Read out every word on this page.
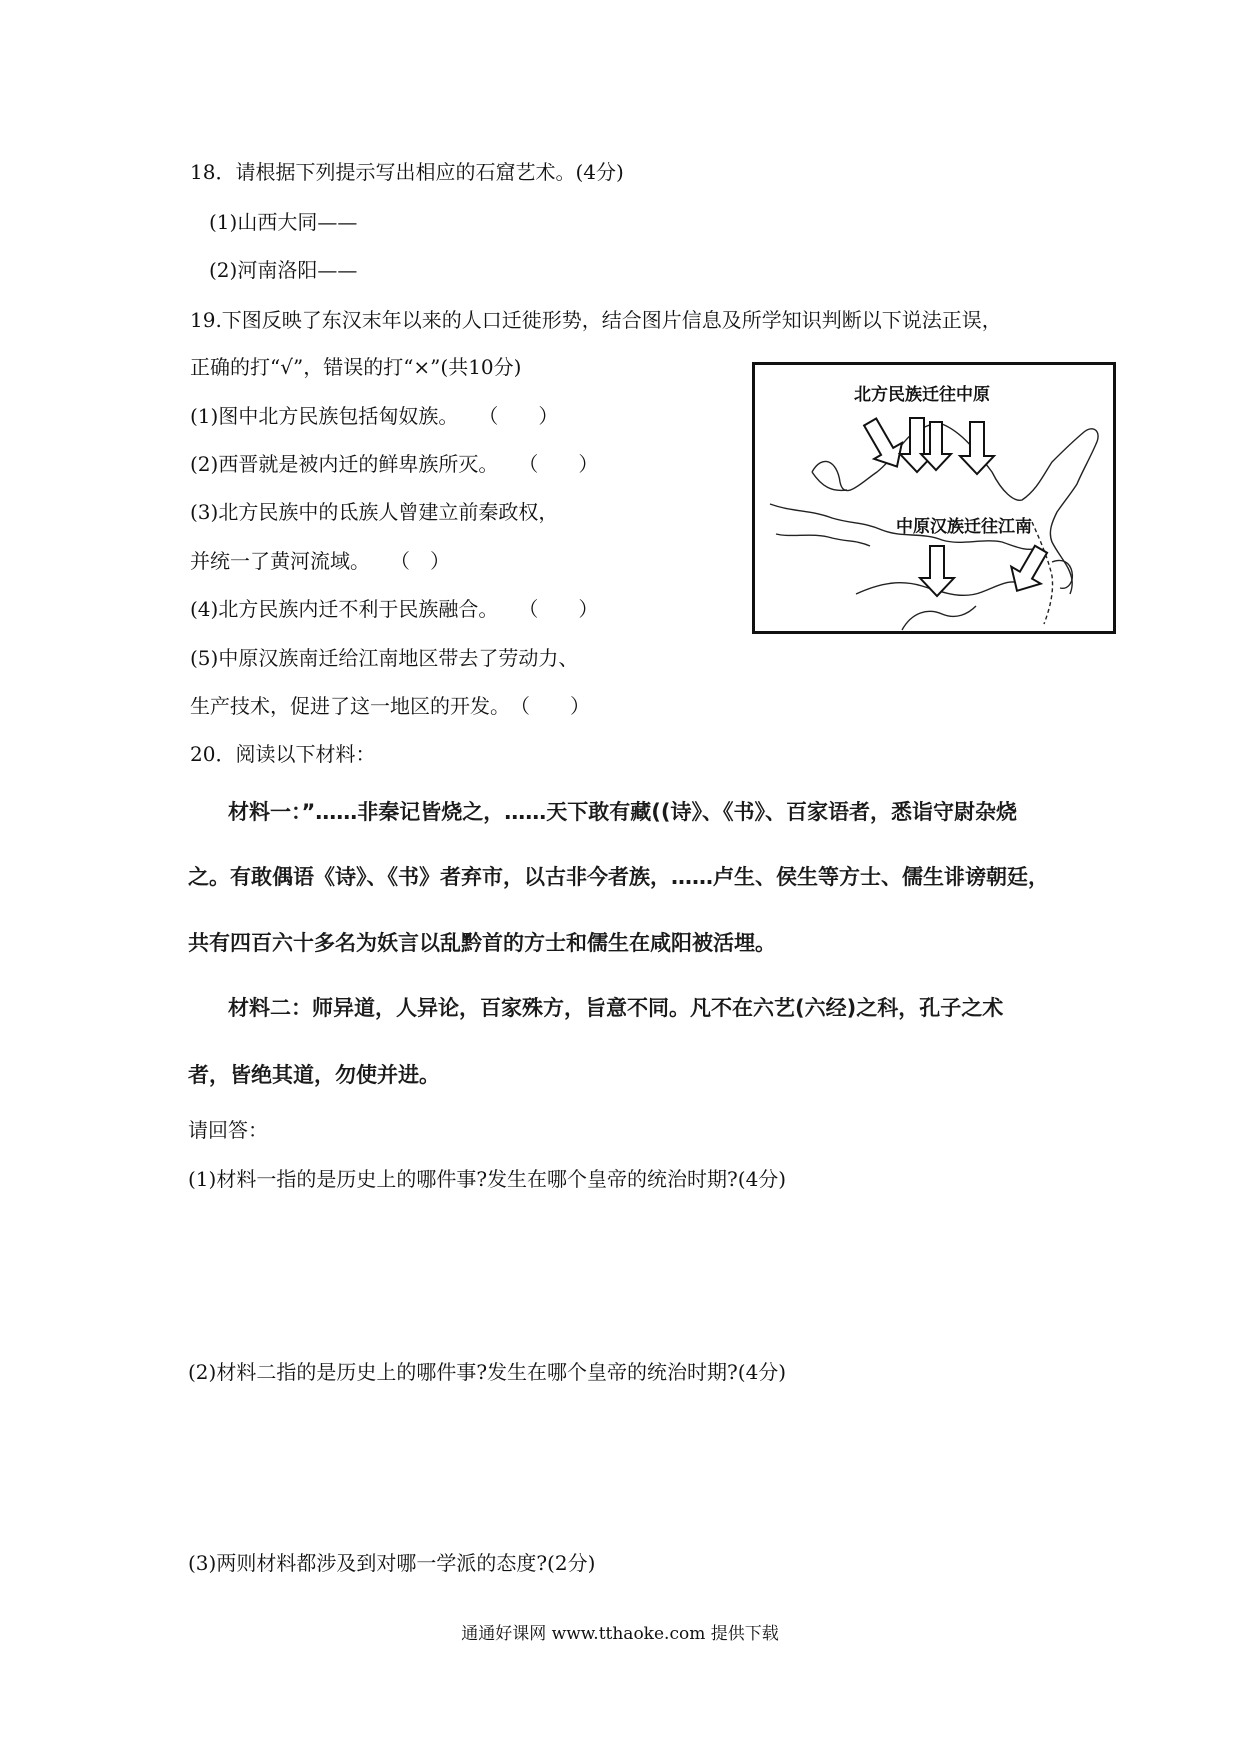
18．请根据下列提示写出相应的石窟艺术。(4分)
(1)山西大同——
(2)河南洛阳——
19.下图反映了东汉末年以来的人口迁徙形势，结合图片信息及所学知识判断以下说法正误，
正确的打“√”，错误的打“×”(共10分)
(1)图中北方民族包括匈奴族。　　（　　）
(2)西晋就是被内迁的鲜卑族所灭。　　（　　）
(3)北方民族中的氐族人曾建立前秦政权，
并统一了黄河流域。　　（　）
(4)北方民族内迁不利于民族融合。　　（　　）
(5)中原汉族南迁给江南地区带去了劳动力、
生产技术，促进了这一地区的开发。　（　　）
北方民族迁往中原
中原汉族迁往江南
20．阅读以下材料：
材料一：”……非秦记皆烧之，……天下敢有藏((诗》、《书》、百家语者，悉诣守尉杂烧
之。有敢偶语《诗》、《书》者弃市，以古非今者族，……卢生、侯生等方士、儒生诽谤朝廷，
共有四百六十多名为妖言以乱黔首的方士和儒生在咸阳被活埋。
材料二：师异道，人异论，百家殊方，旨意不同。凡不在六艺(六经)之科，孔子之术
者，皆绝其道，勿使并进。
请回答：
(1)材料一指的是历史上的哪件事?发生在哪个皇帝的统治时期?(4分)
(2)材料二指的是历史上的哪件事?发生在哪个皇帝的统治时期?(4分)
(3)两则材料都涉及到对哪一学派的态度?(2分)
通通好课网 www.tthaoke.com 提供下载
